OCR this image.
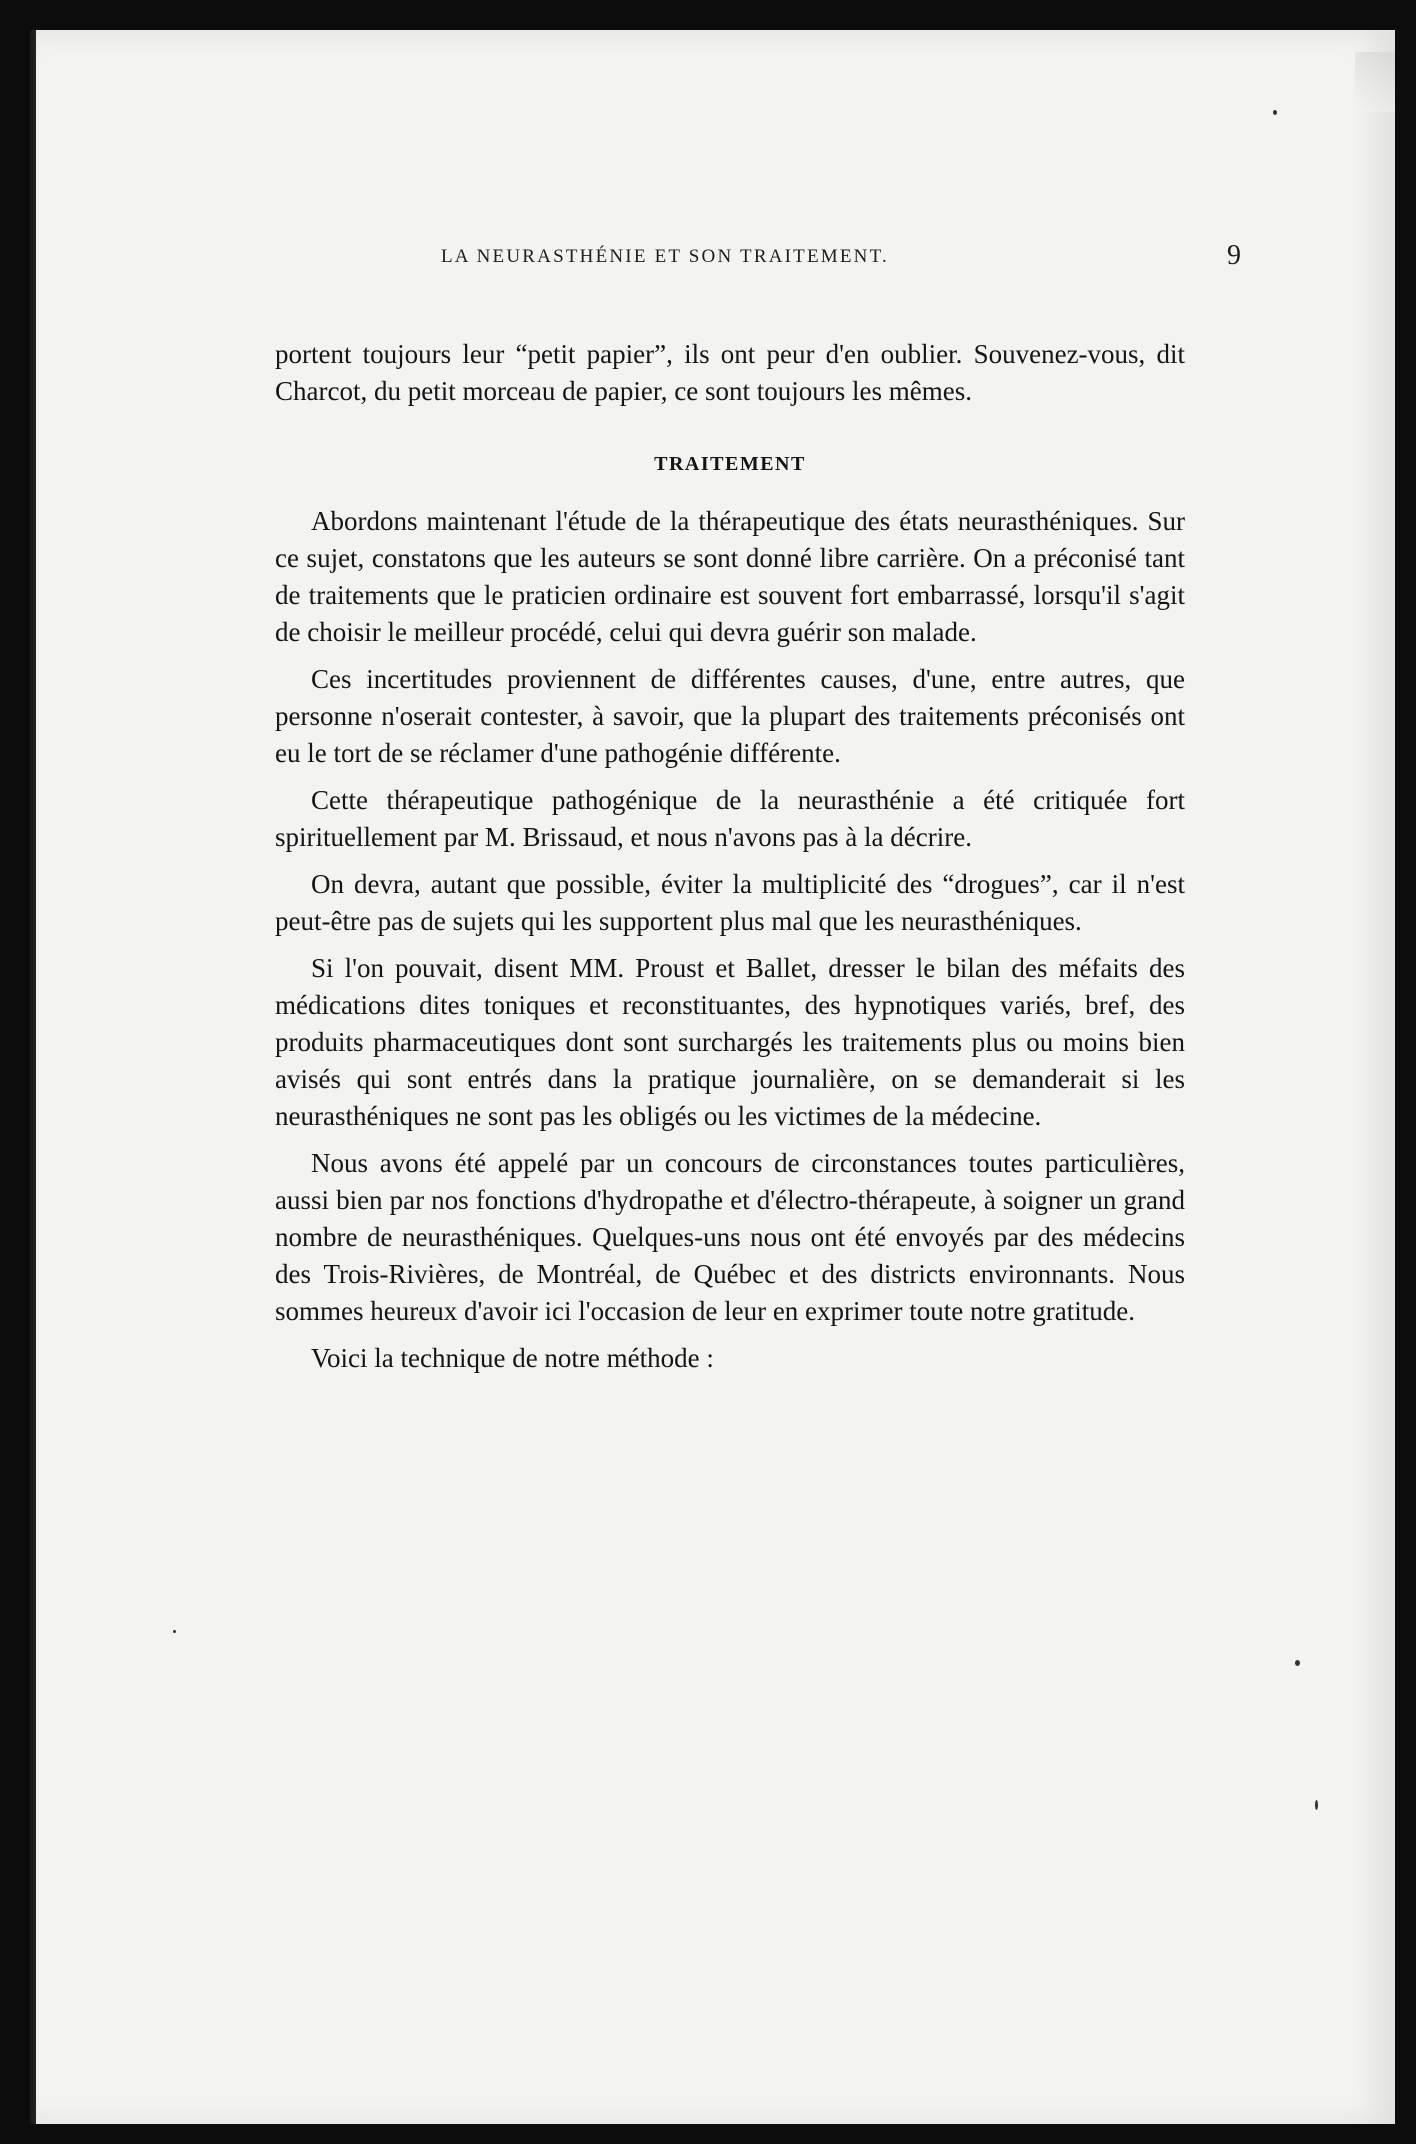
LA NEURASTHÉNIE ET SON TRAITEMENT.	9

portent toujours leur “petit papier”, ils ont peur d'en oublier. Souvenez-vous, dit Charcot, du petit morceau de papier, ce sont toujours les mêmes.

TRAITEMENT

Abordons maintenant l'étude de la thérapeutique des états neurasthéniques. Sur ce sujet, constatons que les auteurs se sont donné libre carrière. On a préconisé tant de traitements que le praticien ordinaire est souvent fort embarrassé, lorsqu'il s'agit de choisir le meilleur procédé, celui qui devra guérir son malade.

Ces incertitudes proviennent de différentes causes, d'une, entre autres, que personne n'oserait contester, à savoir, que la plupart des traitements préconisés ont eu le tort de se réclamer d'une pathogénie différente.

Cette thérapeutique pathogénique de la neurasthénie a été critiquée fort spirituellement par M. Brissaud, et nous n'avons pas à la décrire.

On devra, autant que possible, éviter la multiplicité des “drogues”, car il n'est peut-être pas de sujets qui les supportent plus mal que les neurasthéniques.

Si l'on pouvait, disent MM. Proust et Ballet, dresser le bilan des méfaits des médications dites toniques et reconstituantes, des hypnotiques variés, bref, des produits pharmaceutiques dont sont surchargés les traitements plus ou moins bien avisés qui sont entrés dans la pratique journalière, on se demanderait si les neurasthéniques ne sont pas les obligés ou les victimes de la médecine.

Nous avons été appelé par un concours de circonstances toutes particulières, aussi bien par nos fonctions d'hydropathe et d'électro-thérapeute, à soigner un grand nombre de neurasthéniques. Quelques-uns nous ont été envoyés par des médecins des Trois-Rivières, de Montréal, de Québec et des districts environnants. Nous sommes heureux d'avoir ici l'occasion de leur en exprimer toute notre gratitude.

Voici la technique de notre méthode :
